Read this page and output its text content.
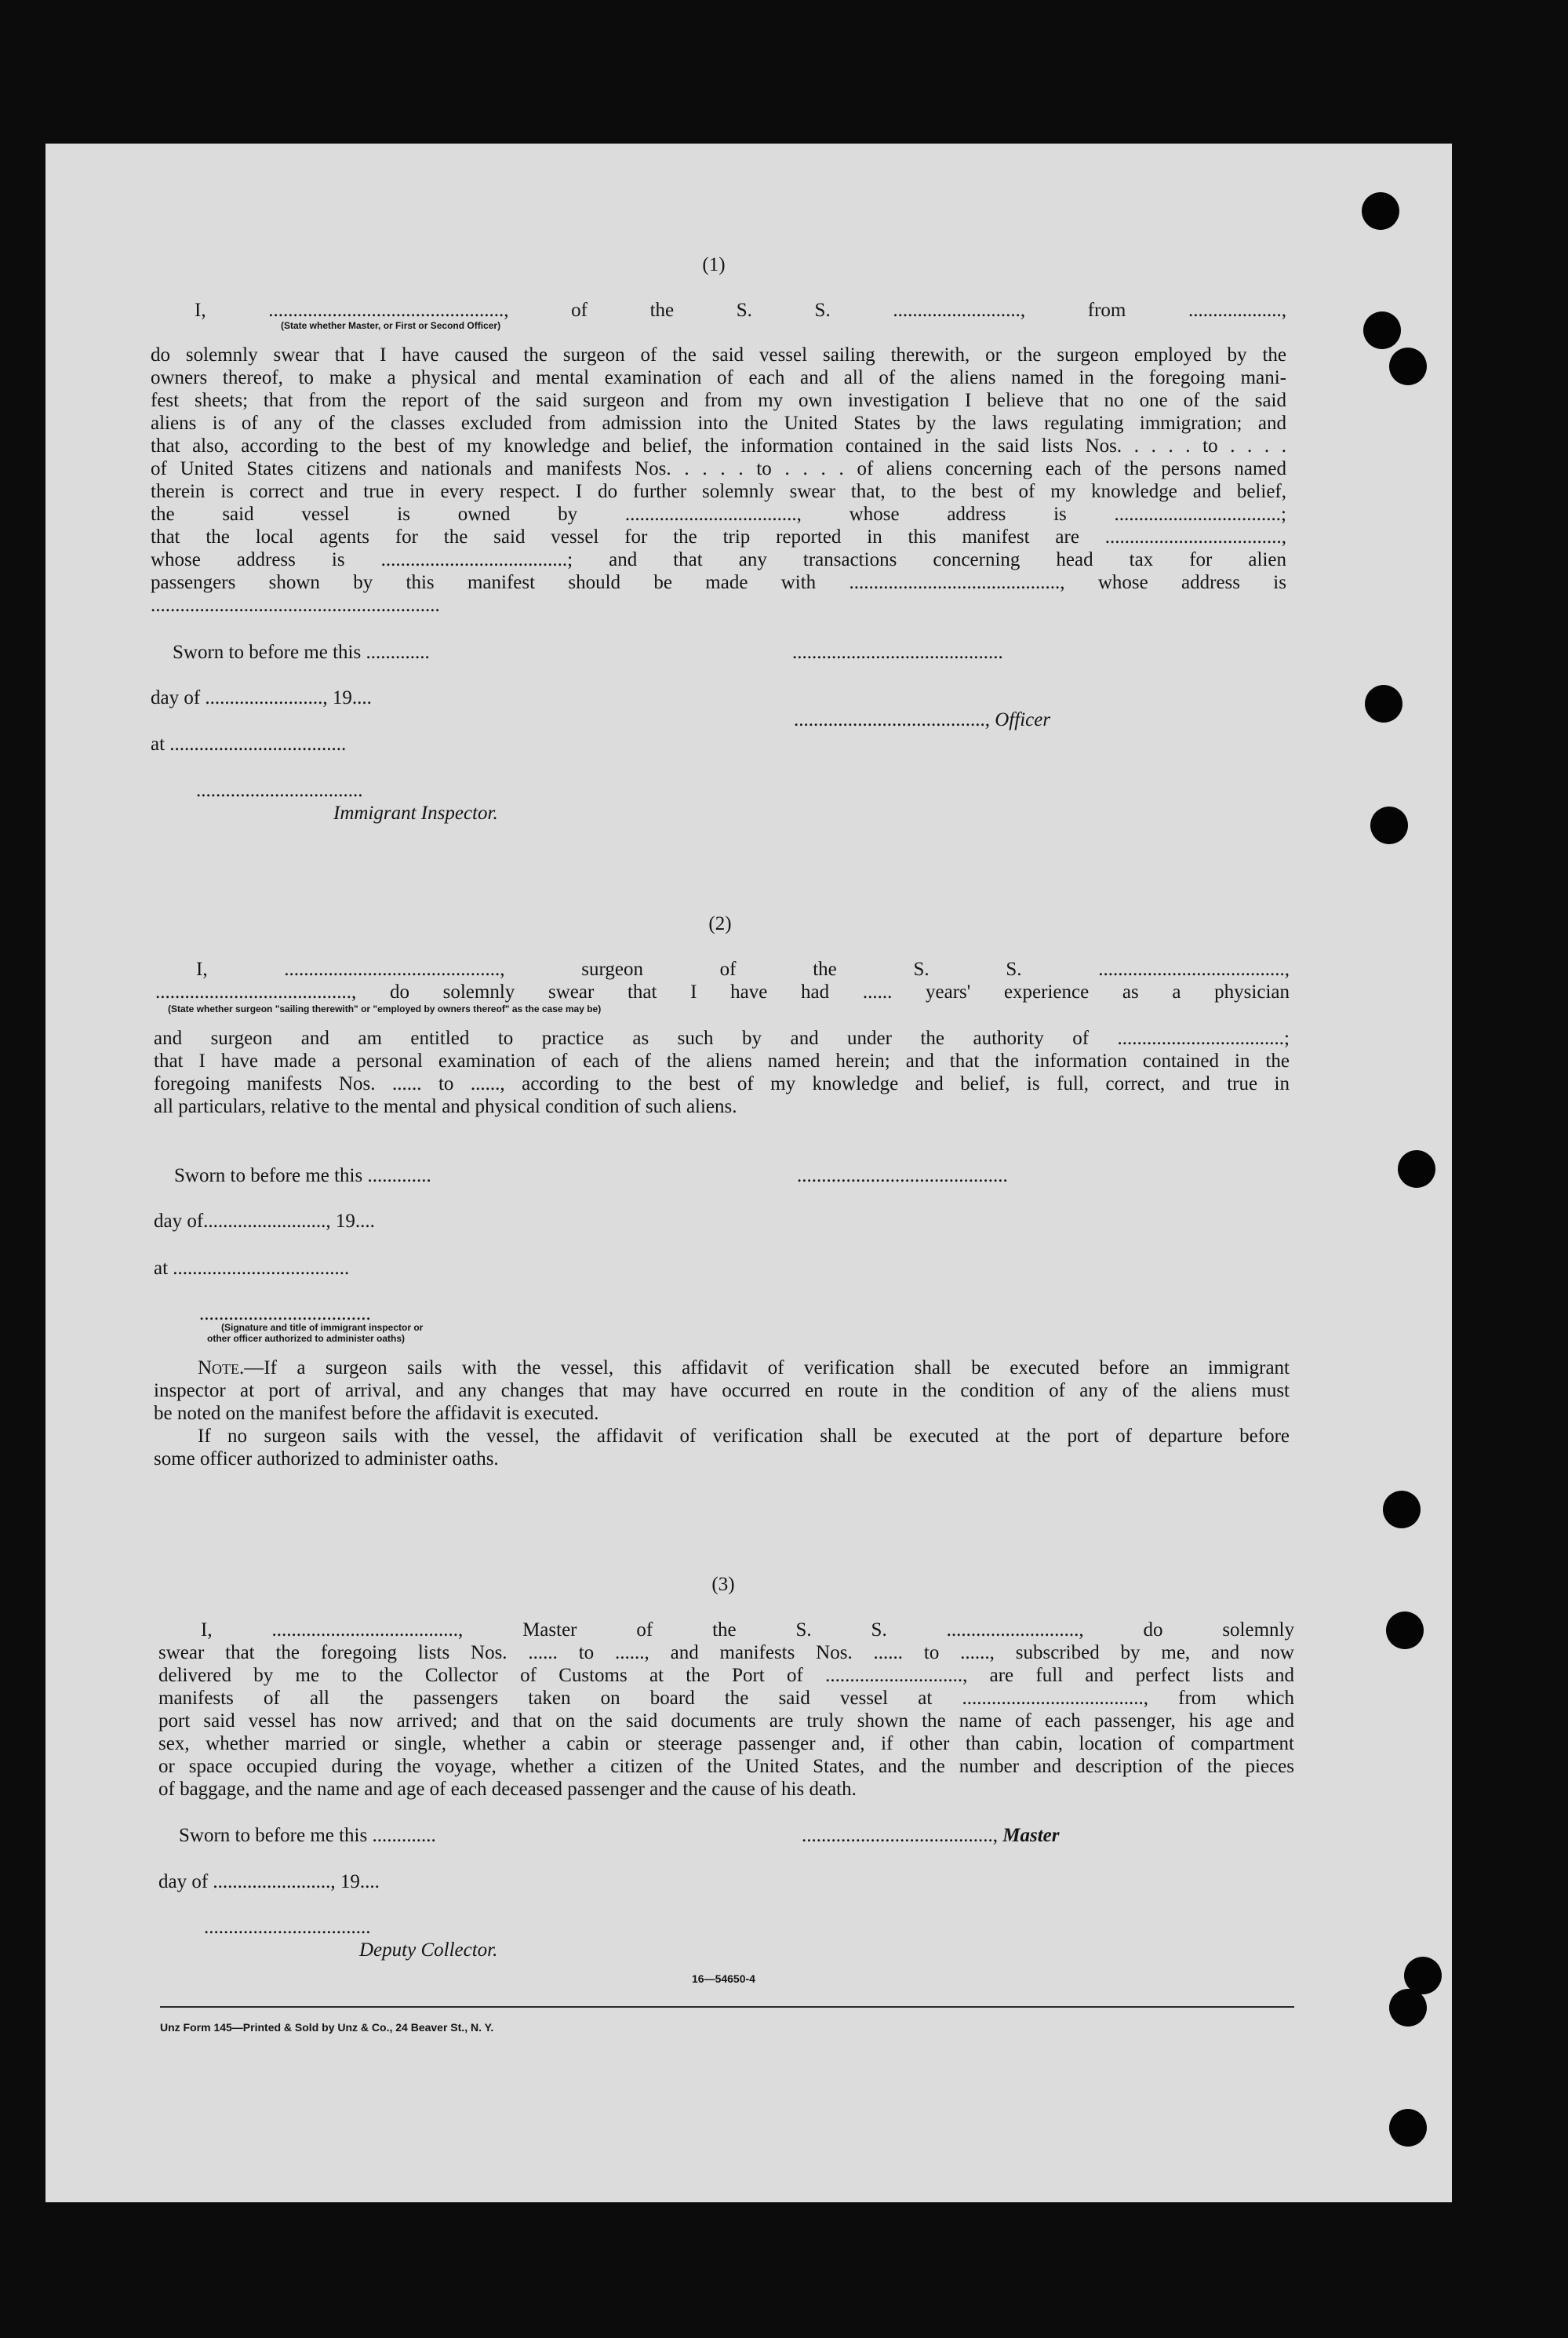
(1)
I, ................................................, of the S. S. .........................., from ...................,
(State whether Master, or First or Second Officer)
do solemnly swear that I have caused the surgeon of the said vessel sailing therewith, or the surgeon employed by the
owners thereof, to make a physical and mental examination of each and all of the aliens named in the foregoing mani-
fest sheets; that from the report of the said surgeon and from my own investigation I believe that no one of the said
aliens is of any of the classes excluded from admission into the United States by the laws regulating immigration; and
that also, according to the best of my knowledge and belief, the information contained in the said lists Nos. . . . . to . . . .
of United States citizens and nationals and manifests Nos. . . . . to . . . . of aliens concerning each of the persons named
therein is correct and true in every respect. I do further solemnly swear that, to the best of my knowledge and belief,
the said vessel is owned by ..................................., whose address is ..................................;
that the local agents for the said vessel for the trip reported in this manifest are ....................................,
whose address is ......................................; and that any transactions concerning head tax for alien
passengers shown by this manifest should be made with ..........................................., whose address is
...........................................................
Sworn to before me this .............	...........................................
day of ........................, 19....
......................................., Officer
at ....................................
..................................
Immigrant Inspector.
(2)
I, ............................................, surgeon of the S. S. ......................................,
........................................, do solemnly swear that I have had ...... years' experience as a physician
(State whether surgeon "sailing therewith" or "employed by owners thereof" as the case may be)
and surgeon and am entitled to practice as such by and under the authority of ..................................;
that I have made a personal examination of each of the aliens named herein; and that the information contained in the
foregoing manifests Nos. ...... to ......, according to the best of my knowledge and belief, is full, correct, and true in
all particulars, relative to the mental and physical condition of such aliens.
Sworn to before me this .............	...........................................
day of........................., 19....
at ....................................
...................................
(Signature and title of immigrant inspector or
other officer authorized to administer oaths)
Note.—If a surgeon sails with the vessel, this affidavit of verification shall be executed before an immigrant
inspector at port of arrival, and any changes that may have occurred en route in the condition of any of the aliens must
be noted on the manifest before the affidavit is executed.
If no surgeon sails with the vessel, the affidavit of verification shall be executed at the port of departure before
some officer authorized to administer oaths.
(3)
I, ......................................, Master of the S. S. ..........................., do solemnly
swear that the foregoing lists Nos. ...... to ......, and manifests Nos. ...... to ......, subscribed by me, and now
delivered by me to the Collector of Customs at the Port of ............................, are full and perfect lists and
manifests of all the passengers taken on board the said vessel at ....................................., from which
port said vessel has now arrived; and that on the said documents are truly shown the name of each passenger, his age and
sex, whether married or single, whether a cabin or steerage passenger and, if other than cabin, location of compartment
or space occupied during the voyage, whether a citizen of the United States, and the number and description of the pieces
of baggage, and the name and age of each deceased passenger and the cause of his death.
Sworn to before me this .............	......................................., Master
day of ........................, 19....
..................................
Deputy Collector.
16—54650-4
Unz Form 145—Printed & Sold by Unz & Co., 24 Beaver St., N. Y.
